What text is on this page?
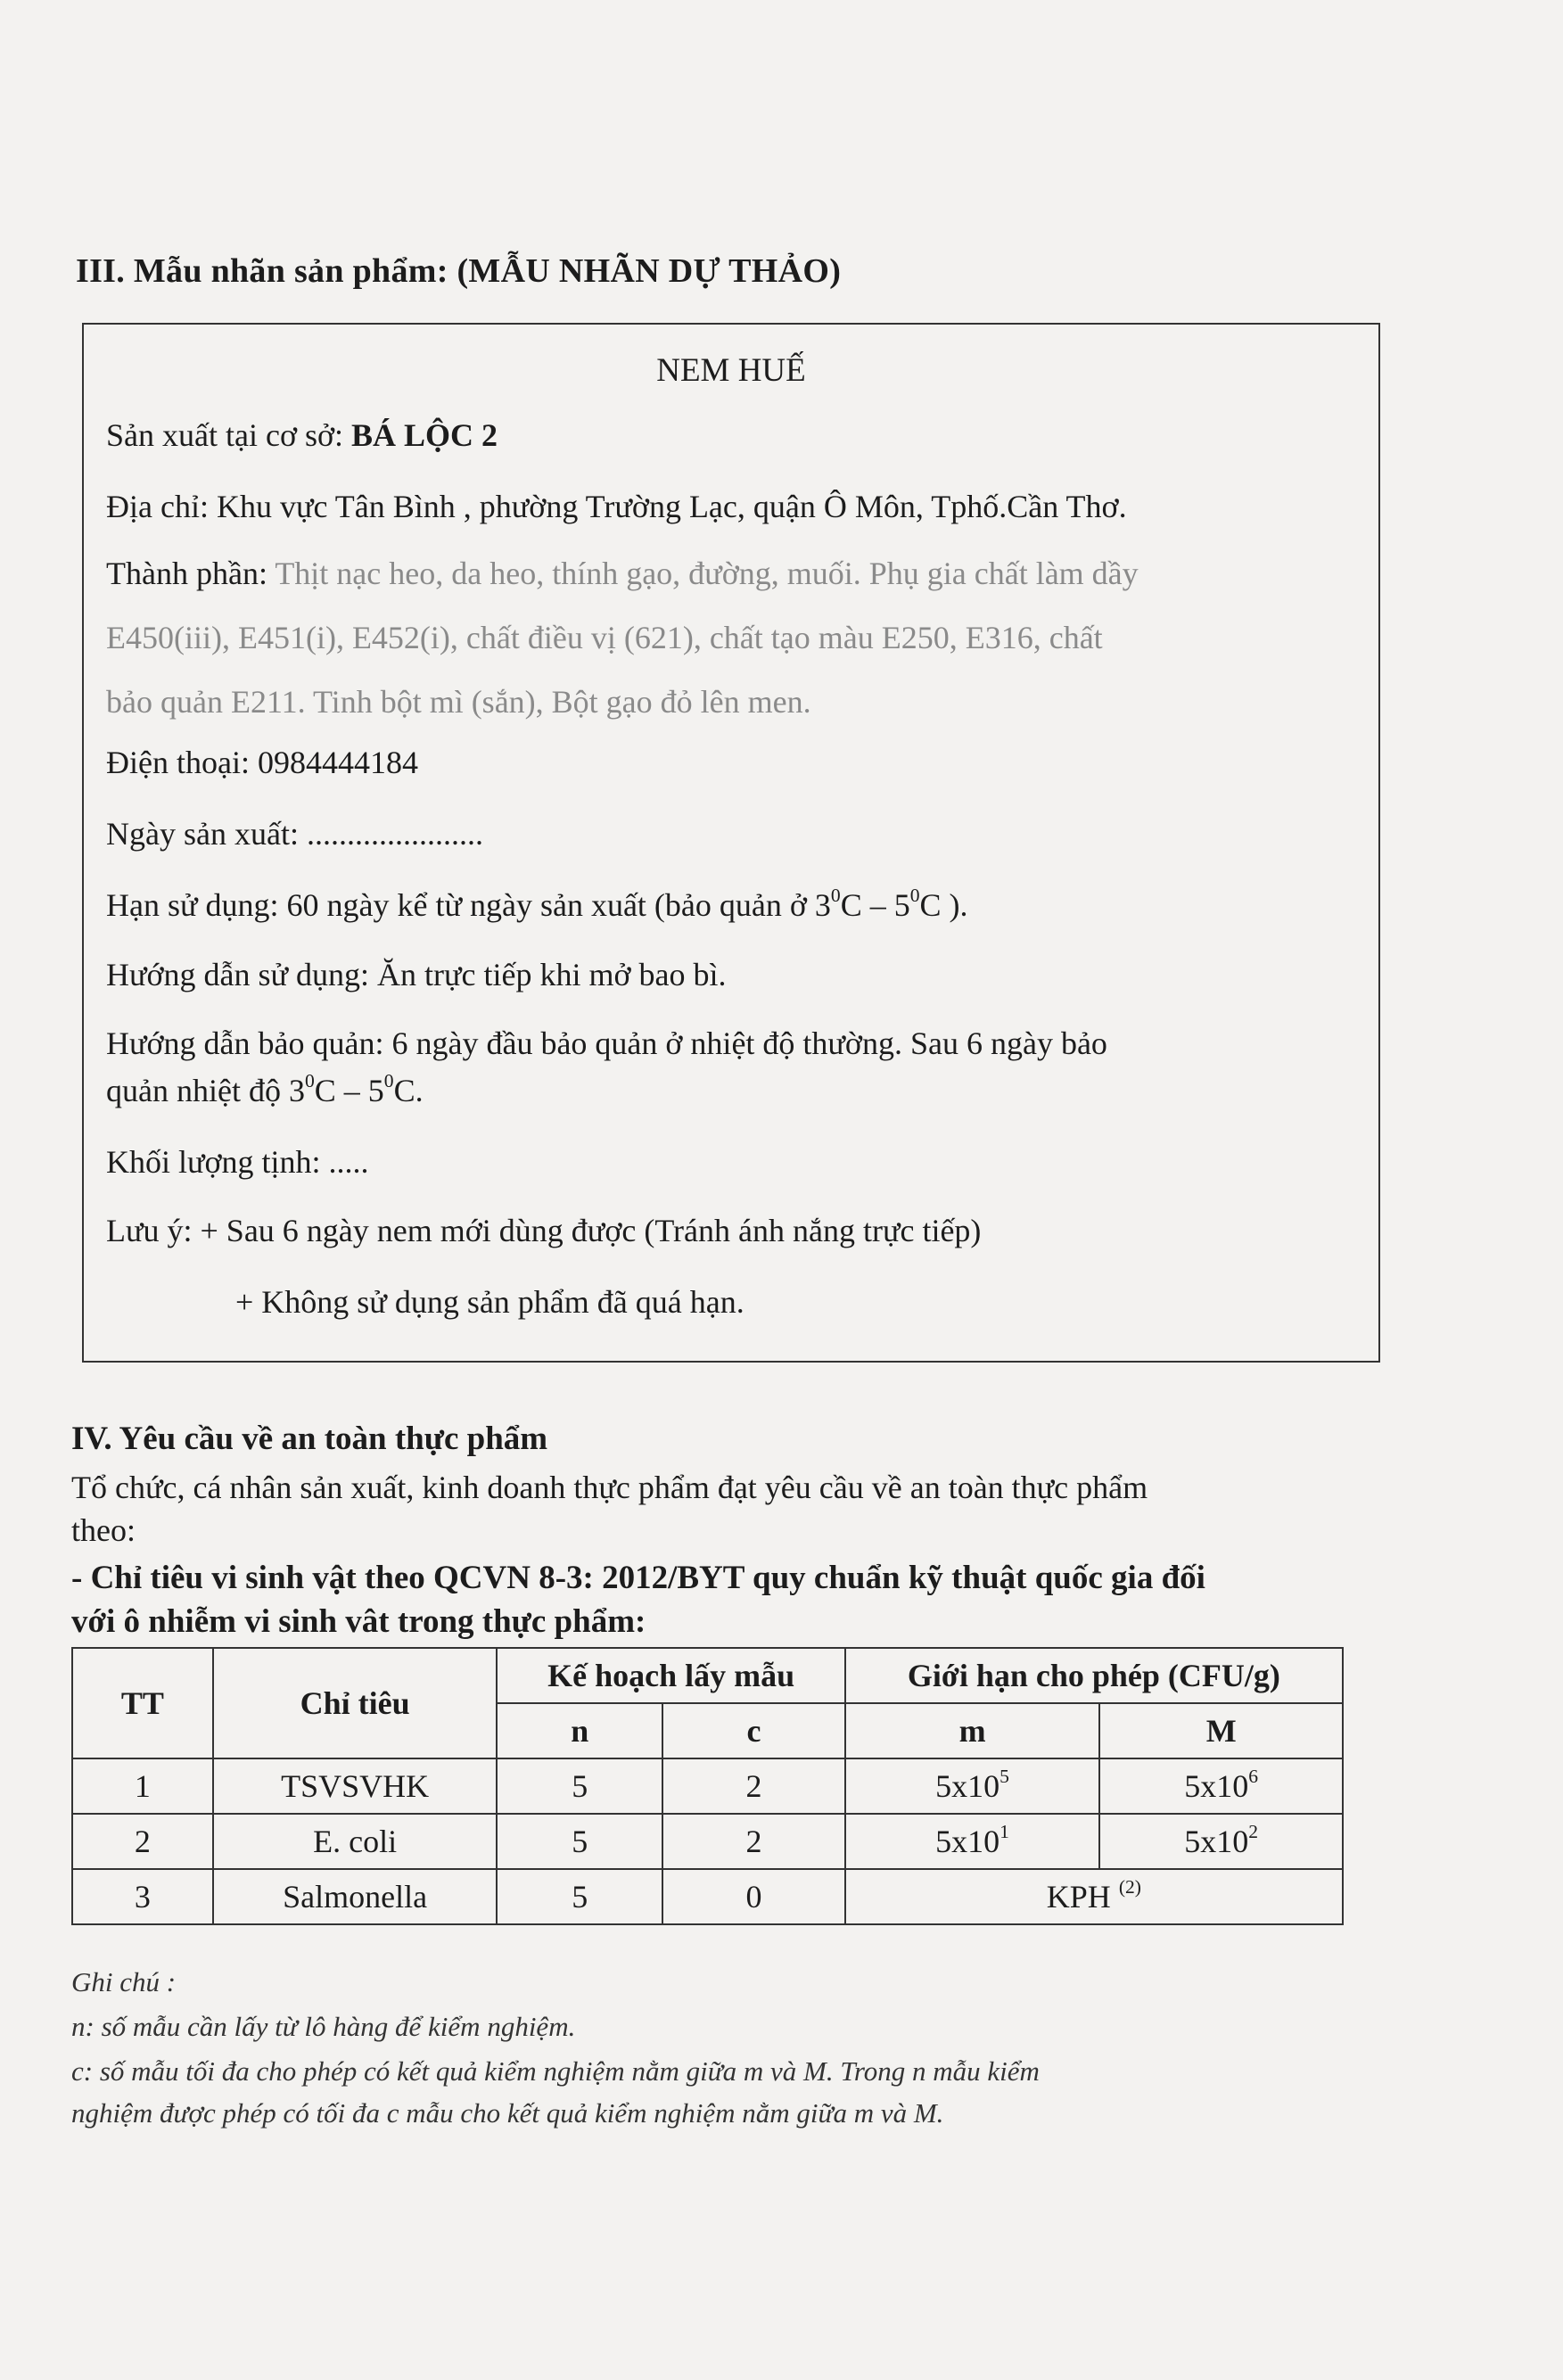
III. Mẫu nhãn sản phẩm: (MẪU NHÃN DỰ THẢO)
NEM HUẾ
Sản xuất tại cơ sở: BÁ LỘC 2
Địa chỉ: Khu vực Tân Bình , phường Trường Lạc, quận Ô Môn, Tphố.Cần Thơ.
Thành phần: Thịt nạc heo, da heo, thính gạo, đường, muối. Phụ gia chất làm dầy
E450(iii), E451(i), E452(i), chất điều vị (621), chất tạo màu E250, E316, chất
bảo quản E211. Tinh bột mì (sắn), Bột gạo đỏ lên men.
Điện thoại: 0984444184
Ngày sản xuất: ......................
Hạn sử dụng: 60 ngày kể từ ngày sản xuất (bảo quản ở $3^0C - 5^0C$ ).
Hướng dẫn sử dụng: Ăn trực tiếp khi mở bao bì.
Hướng dẫn bảo quản: 6 ngày đầu bảo quản ở nhiệt độ thường. Sau 6 ngày bảo
quản nhiệt độ $3^0C - 5^0C$.
Khối lượng tịnh: .....
Lưu ý: + Sau 6 ngày nem mới dùng được (Tránh ánh nắng trực tiếp)
+ Không sử dụng sản phẩm đã quá hạn.
IV. Yêu cầu về an toàn thực phẩm
Tổ chức, cá nhân sản xuất, kinh doanh thực phẩm đạt yêu cầu về an toàn thực phẩm
theo:
- Chỉ tiêu vi sinh vật theo QCVN 8-3: 2012/BYT quy chuẩn kỹ thuật quốc gia đối
với ô nhiễm vi sinh vât trong thực phẩm:
TT	Chỉ tiêu	Kế hoạch lấy mẫu		Giới hạn cho phép (CFU/g)	
		n	c	m	M
1	TSVSVHK	5	2	$5x10^5$	$5x10^6$
2	E. coli	5	2	$5x10^1$	$5x10^2$
3	Salmonella	5	0	KPH $^{(2)}$
Ghi chú :
n: số mẫu cần lấy từ lô hàng để kiểm nghiệm.
c: số mẫu tối đa cho phép có kết quả kiểm nghiệm nằm giữa m và M. Trong n mẫu kiểm
nghiệm được phép có tối đa c mẫu cho kết quả kiểm nghiệm nằm giữa m và M.
